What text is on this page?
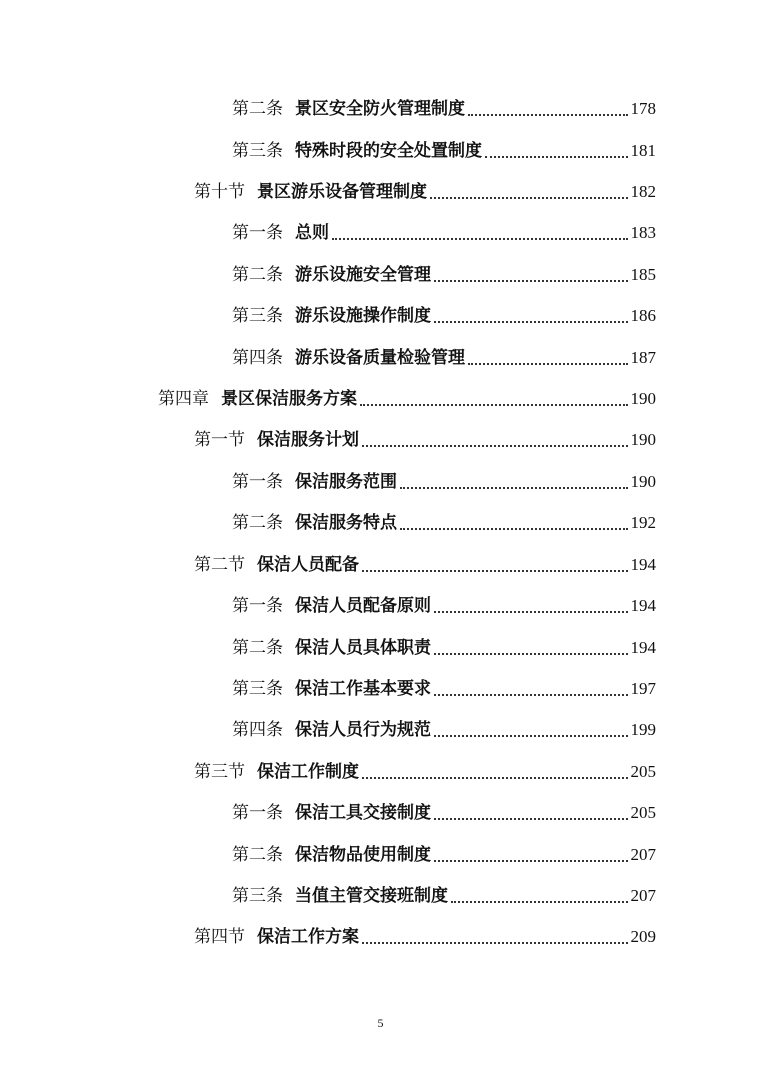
第二条 景区安全防火管理制度	178
第三条 特殊时段的安全处置制度	181
第十节 景区游乐设备管理制度	182
第一条 总则	183
第二条 游乐设施安全管理	185
第三条 游乐设施操作制度	186
第四条 游乐设备质量检验管理	187
第四章 景区保洁服务方案	190
第一节 保洁服务计划	190
第一条 保洁服务范围	190
第二条 保洁服务特点	192
第二节 保洁人员配备	194
第一条 保洁人员配备原则	194
第二条 保洁人员具体职责	194
第三条 保洁工作基本要求	197
第四条 保洁人员行为规范	199
第三节 保洁工作制度	205
第一条 保洁工具交接制度	205
第二条 保洁物品使用制度	207
第三条 当值主管交接班制度	207
第四节 保洁工作方案	209
5
